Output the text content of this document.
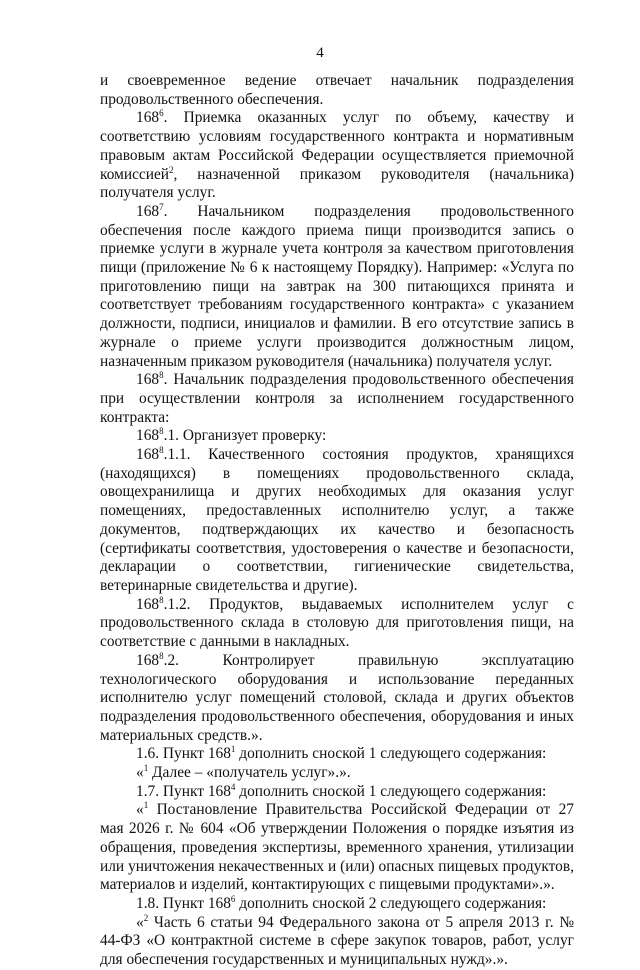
4

и своевременное ведение отвечает начальник подразделения продовольственного обеспечения.

$168^6$. Приемка оказанных услуг по объему, качеству и соответствию условиям государственного контракта и нормативным правовым актам Российской Федерации осуществляется приемочной комиссией$^2$, назначенной приказом руководителя (начальника) получателя услуг.

$168^7$. Начальником подразделения продовольственного обеспечения после каждого приема пищи производится запись о приемке услуги в журнале учета контроля за качеством приготовления пищи (приложение № 6 к настоящему Порядку). Например: «Услуга по приготовлению пищи на завтрак на 300 питающихся принята и соответствует требованиям государственного контракта» с указанием должности, подписи, инициалов и фамилии. В его отсутствие запись в журнале о приеме услуги производится должностным лицом, назначенным приказом руководителя (начальника) получателя услуг.

$168^8$. Начальник подразделения продовольственного обеспечения при осуществлении контроля за исполнением государственного контракта:

$168^8.1$. Организует проверку:

$168^8.1.1$. Качественного состояния продуктов, хранящихся (находящихся) в помещениях продовольственного склада, овощехранилища и других необходимых для оказания услуг помещениях, предоставленных исполнителю услуг, а также документов, подтверждающих их качество и безопасность (сертификаты соответствия, удостоверения о качестве и безопасности, декларации о соответствии, гигиенические свидетельства, ветеринарные свидетельства и другие).

$168^8.1.2$. Продуктов, выдаваемых исполнителем услуг с продовольственного склада в столовую для приготовления пищи, на соответствие с данными в накладных.

$168^8.2$. Контролирует правильную эксплуатацию технологического оборудования и использование переданных исполнителю услуг помещений столовой, склада и других объектов подразделения продовольственного обеспечения, оборудования и иных материальных средств.».

1.6. Пункт $168^1$ дополнить сноской 1 следующего содержания:

«$^1$ Далее – «получатель услуг».».

1.7. Пункт $168^4$ дополнить сноской 1 следующего содержания:

«$^1$ Постановление Правительства Российской Федерации от 27 мая 2026 г. № 604 «Об утверждении Положения о порядке изъятия из обращения, проведения экспертизы, временного хранения, утилизации или уничтожения некачественных и (или) опасных пищевых продуктов, материалов и изделий, контактирующих с пищевыми продуктами».».

1.8. Пункт $168^6$ дополнить сноской 2 следующего содержания:

«$^2$ Часть 6 статьи 94 Федерального закона от 5 апреля 2013 г. № 44-ФЗ «О контрактной системе в сфере закупок товаров, работ, услуг для обеспечения государственных и муниципальных нужд».».
